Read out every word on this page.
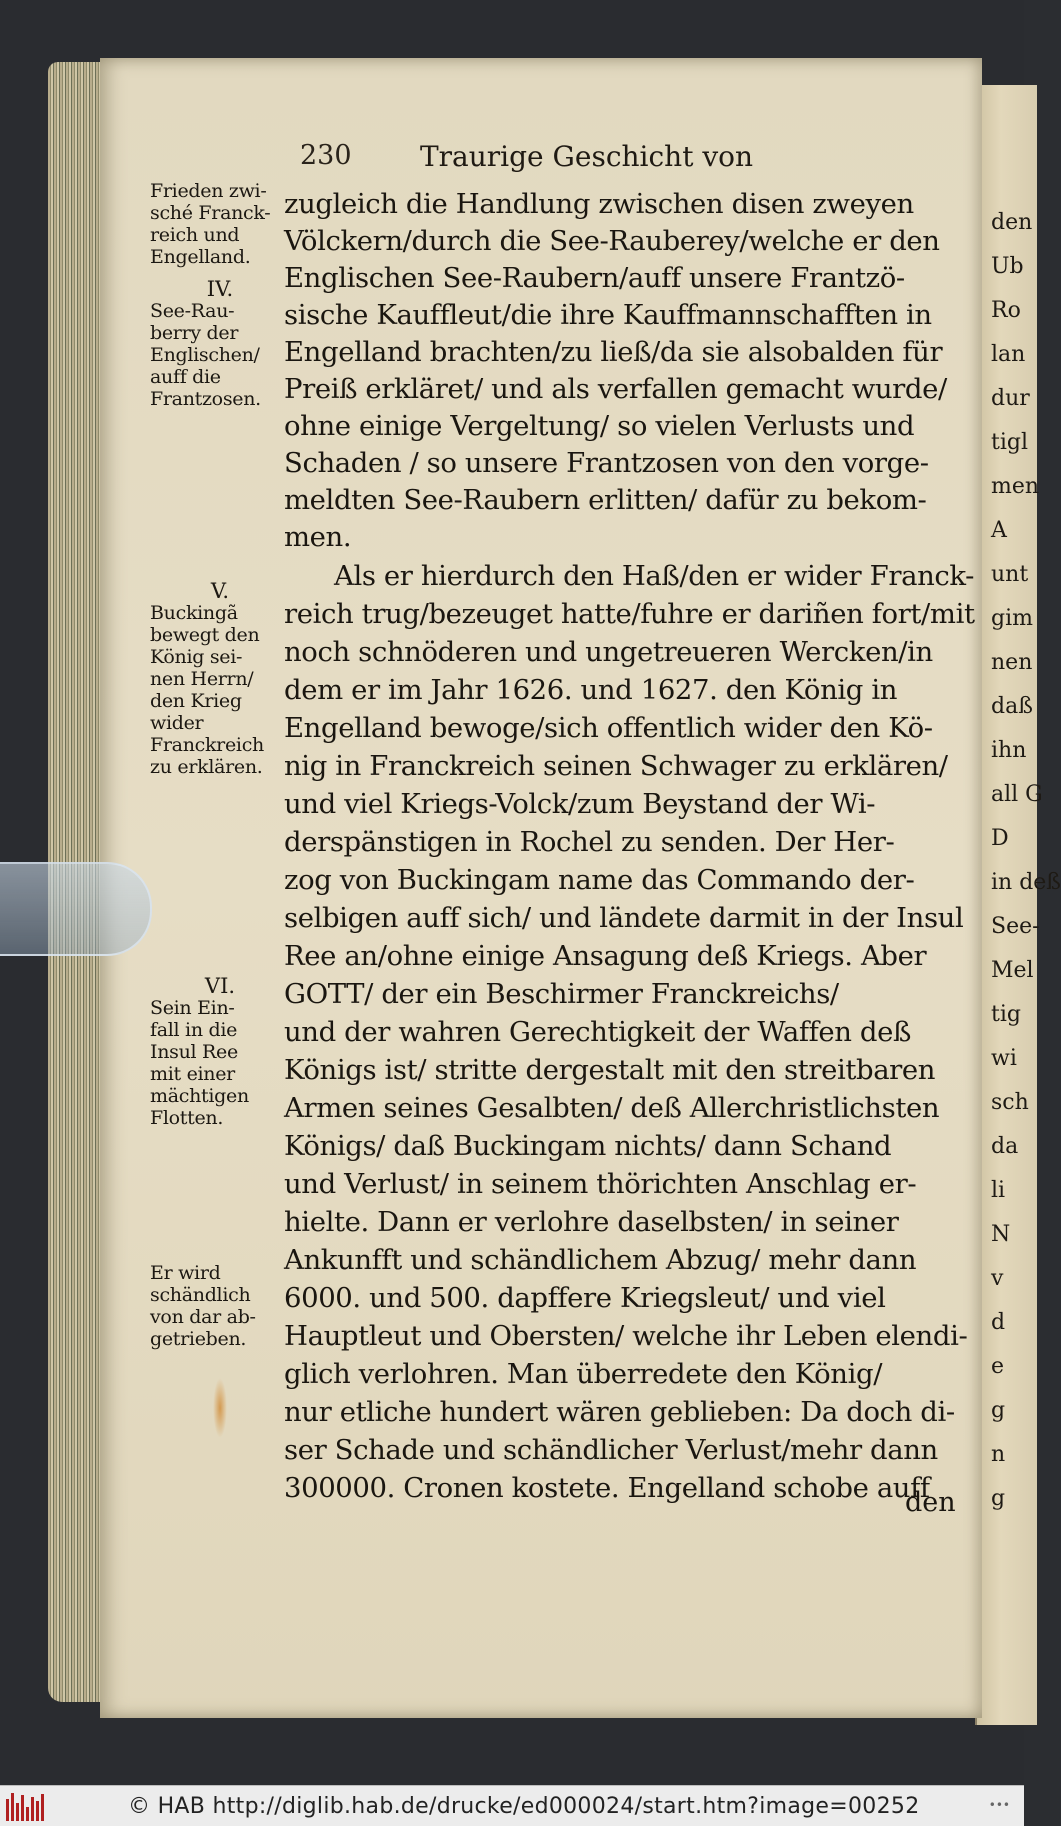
den
Ub
Ro
lan
dur
tigl
men
A
unt
gim
nen
daß
ihn
all G
D
in deß
See-
Mel
tig
wi
sch
da
li
N
v
d
e
g
n
g
230 Traurige Geschicht von
Frieden zwi-
sché Franck-
reich und
Engelland.
IV.
See-Rau-
berry der
Englischen/
auff die
Frantzosen.
V.
Buckingã
bewegt den
König sei-
nen Herrn/
den Krieg
wider
Franckreich
zu erklären.
VI.
Sein Ein-
fall in die
Insul Ree
mit einer
mächtigen
Flotten.
Er wird
schändlich
von dar ab-
getrieben.
zugleich die Handlung zwischen disen zweyen
Völckern/durch die See-Rauberey/welche er den
Englischen See-Raubern/auff unsere Frantzö-
sische Kauffleut/die ihre Kauffmannschafften in
Engelland brachten/zu ließ/da sie alsobalden für
Preiß erkläret/ und als verfallen gemacht wurde/
ohne einige Vergeltung/ so vielen Verlusts und
Schaden / so unsere Frantzosen von den vorge-
meldten See-Raubern erlitten/ dafür zu bekom-
men.
Als er hierdurch den Haß/den er wider Franck-
reich trug/bezeuget hatte/fuhre er dariñen fort/mit
noch schnöderen und ungetreueren Wercken/in
dem er im Jahr 1626. und 1627. den König in
Engelland bewoge/sich offentlich wider den Kö-
nig in Franckreich seinen Schwager zu erklären/
und viel Kriegs-Volck/zum Beystand der Wi-
derspänstigen in Rochel zu senden. Der Her-
zog von Buckingam name das Commando der-
selbigen auff sich/ und ländete darmit in der Insul
Ree an/ohne einige Ansagung deß Kriegs. Aber
GOTT/ der ein Beschirmer Franckreichs/
und der wahren Gerechtigkeit der Waffen deß
Königs ist/ stritte dergestalt mit den streitbaren
Armen seines Gesalbten/ deß Allerchristlichsten
Königs/ daß Buckingam nichts/ dann Schand
und Verlust/ in seinem thörichten Anschlag er-
hielte. Dann er verlohre daselbsten/ in seiner
Ankunfft und schändlichem Abzug/ mehr dann
6000. und 500. dapffere Kriegsleut/ und viel
Hauptleut und Obersten/ welche ihr Leben elendi-
glich verlohren. Man überredete den König/
nur etliche hundert wären geblieben: Da doch di-
ser Schade und schändlicher Verlust/mehr dann
300000. Cronen kostete. Engelland schobe auff
den
© HAB http://diglib.hab.de/drucke/ed000024/start.htm?image=00252	•••
